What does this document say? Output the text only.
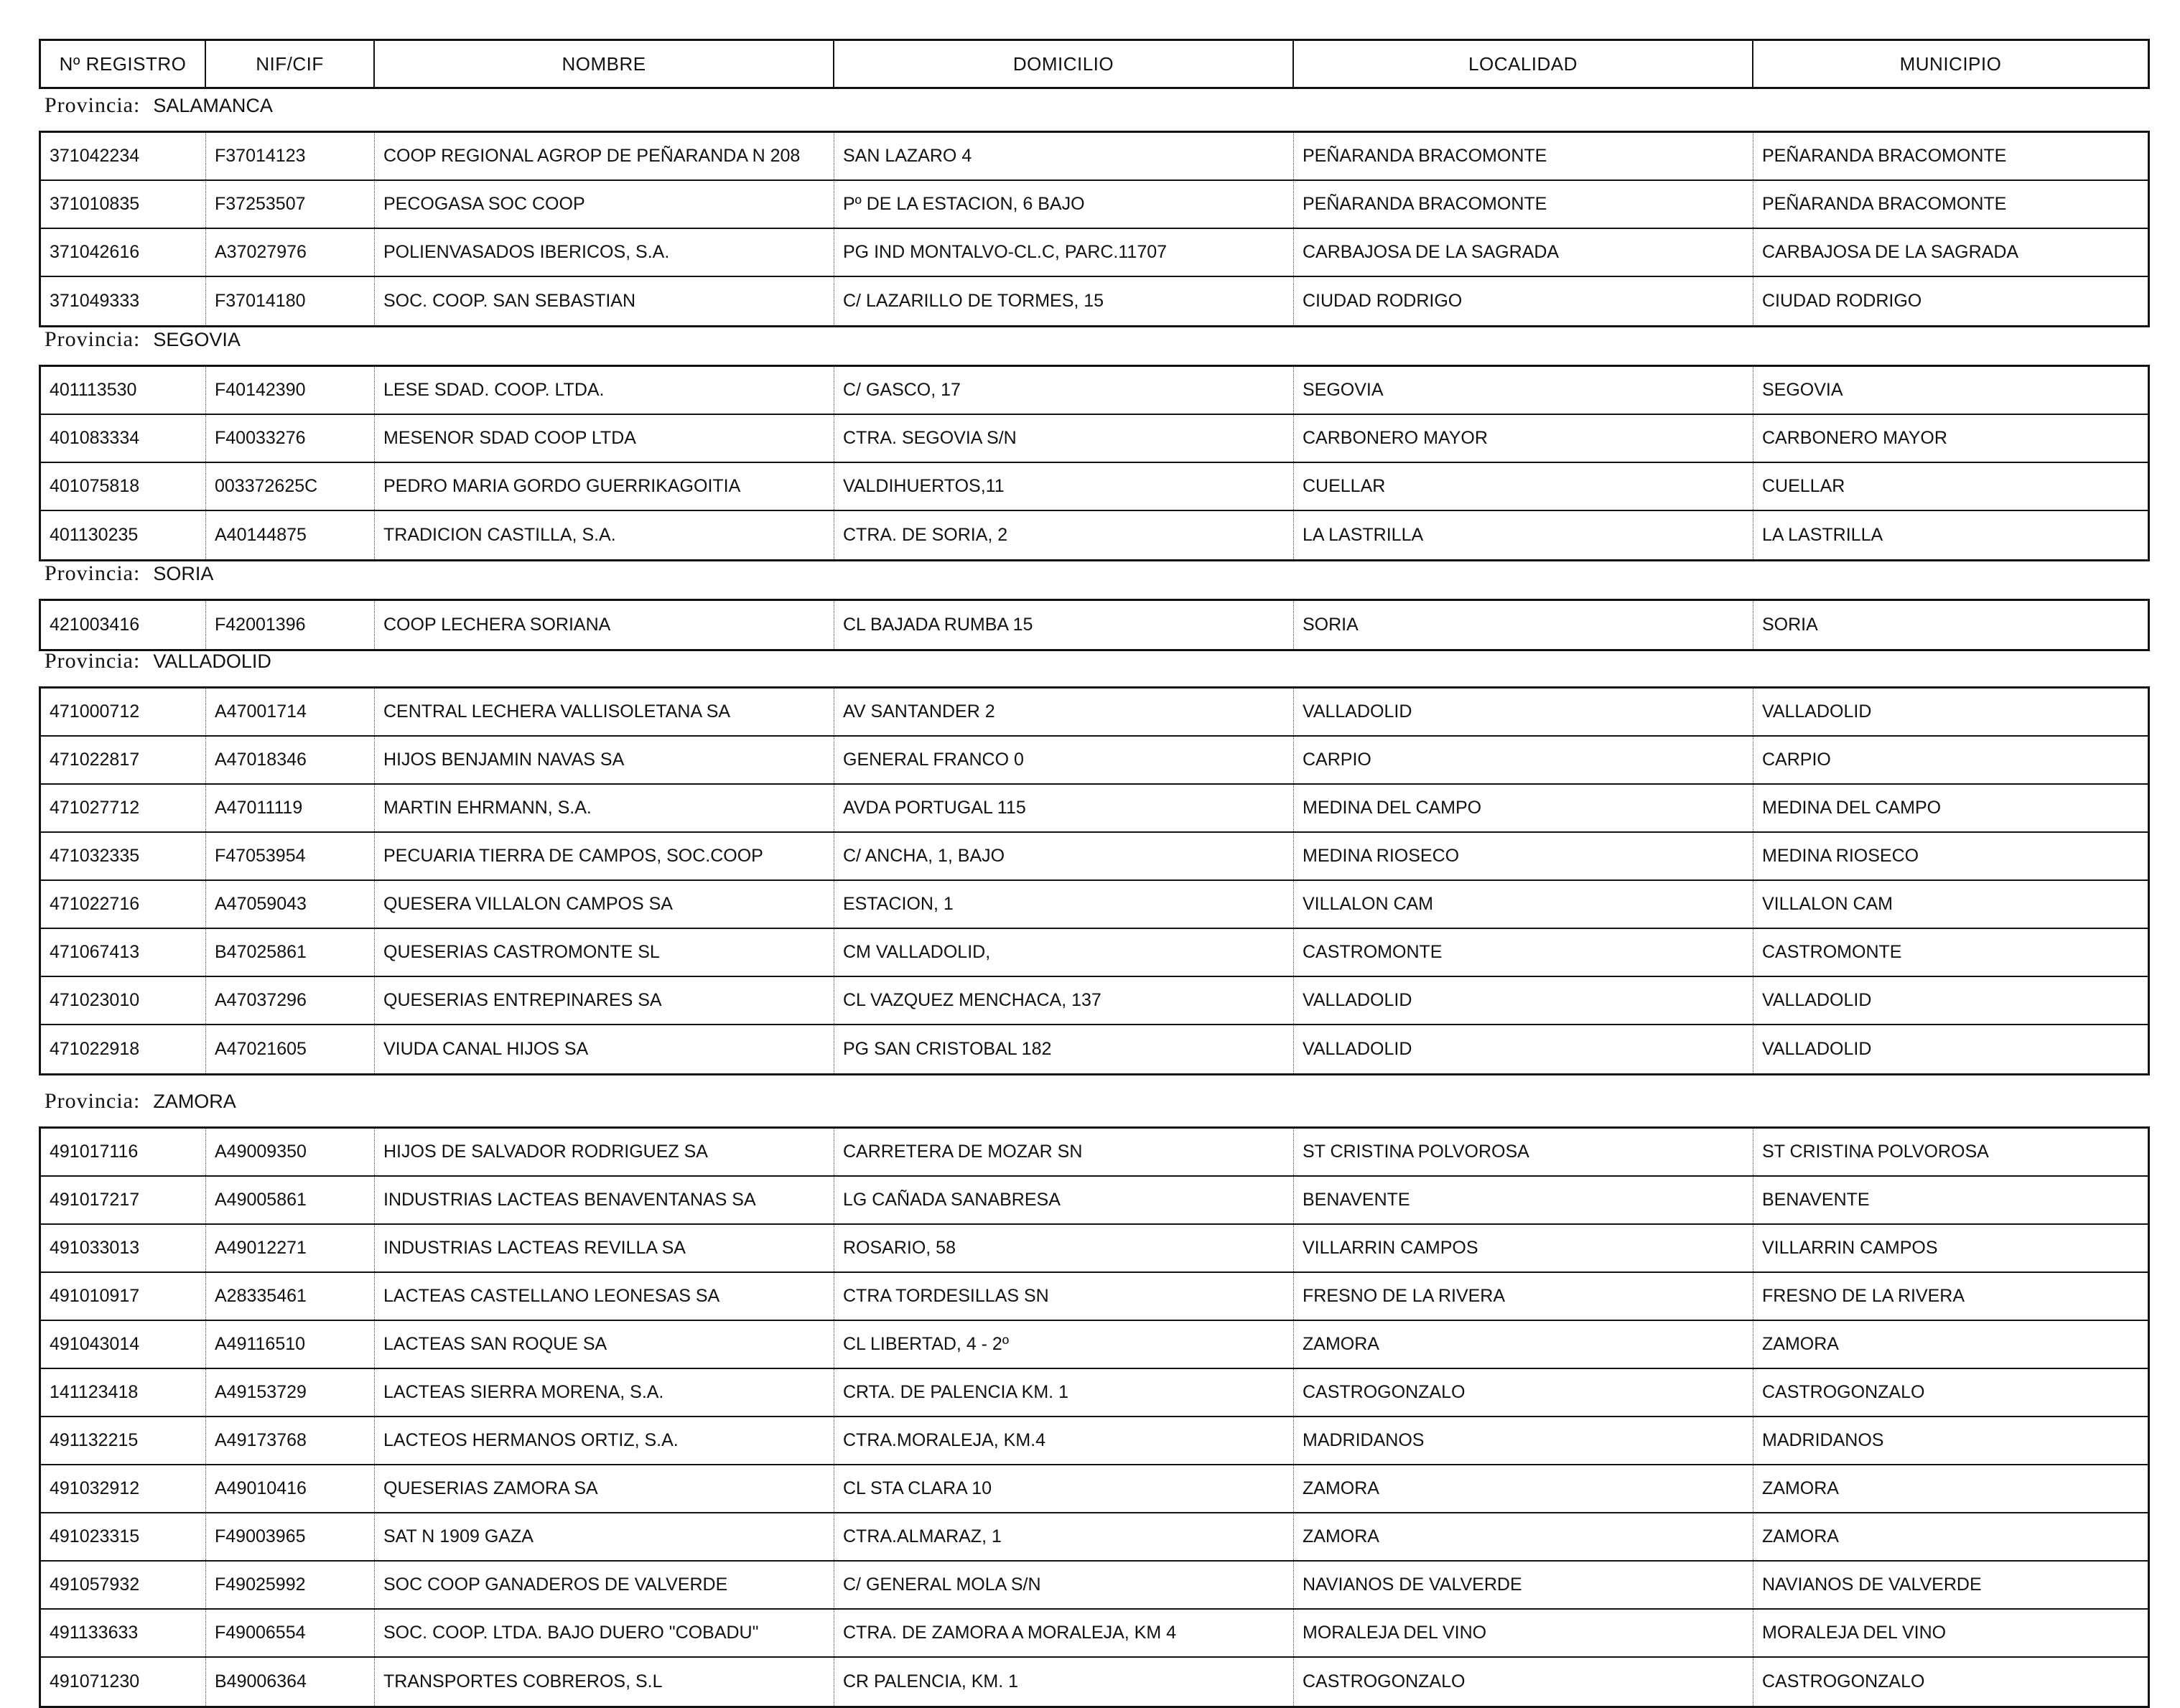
Nº REGISTRO	NIF/CIF	NOMBRE	DOMICILIO	LOCALIDAD	MUNICIPIO
Provincia: SALAMANCA
371042234	F37014123	COOP REGIONAL AGROP DE PEÑARANDA N 208	SAN LAZARO 4	PEÑARANDA BRACOMONTE	PEÑARANDA BRACOMONTE
371010835	F37253507	PECOGASA SOC COOP	Pº DE LA ESTACION, 6 BAJO	PEÑARANDA BRACOMONTE	PEÑARANDA BRACOMONTE
371042616	A37027976	POLIENVASADOS IBERICOS, S.A.	PG IND MONTALVO-CL.C, PARC.11707	CARBAJOSA DE LA SAGRADA	CARBAJOSA DE LA SAGRADA
371049333	F37014180	SOC. COOP. SAN SEBASTIAN	C/ LAZARILLO DE TORMES, 15	CIUDAD RODRIGO	CIUDAD RODRIGO
Provincia: SEGOVIA
401113530	F40142390	LESE SDAD. COOP. LTDA.	C/ GASCO, 17	SEGOVIA	SEGOVIA
401083334	F40033276	MESENOR SDAD COOP LTDA	CTRA. SEGOVIA S/N	CARBONERO MAYOR	CARBONERO MAYOR
401075818	003372625C	PEDRO MARIA GORDO GUERRIKAGOITIA	VALDIHUERTOS,11	CUELLAR	CUELLAR
401130235	A40144875	TRADICION CASTILLA, S.A.	CTRA. DE SORIA, 2	LA LASTRILLA	LA LASTRILLA
Provincia: SORIA
421003416	F42001396	COOP LECHERA SORIANA	CL BAJADA RUMBA 15	SORIA	SORIA
Provincia: VALLADOLID
471000712	A47001714	CENTRAL LECHERA VALLISOLETANA SA	AV SANTANDER 2	VALLADOLID	VALLADOLID
471022817	A47018346	HIJOS BENJAMIN NAVAS SA	GENERAL FRANCO 0	CARPIO	CARPIO
471027712	A47011119	MARTIN EHRMANN, S.A.	AVDA PORTUGAL 115	MEDINA DEL CAMPO	MEDINA DEL CAMPO
471032335	F47053954	PECUARIA TIERRA DE CAMPOS, SOC.COOP	C/ ANCHA, 1, BAJO	MEDINA RIOSECO	MEDINA RIOSECO
471022716	A47059043	QUESERA VILLALON CAMPOS SA	ESTACION, 1	VILLALON CAM	VILLALON CAM
471067413	B47025861	QUESERIAS CASTROMONTE SL	CM VALLADOLID,	CASTROMONTE	CASTROMONTE
471023010	A47037296	QUESERIAS ENTREPINARES SA	CL VAZQUEZ MENCHACA, 137	VALLADOLID	VALLADOLID
471022918	A47021605	VIUDA CANAL HIJOS SA	PG SAN CRISTOBAL 182	VALLADOLID	VALLADOLID
Provincia: ZAMORA
491017116	A49009350	HIJOS DE SALVADOR RODRIGUEZ SA	CARRETERA DE MOZAR SN	ST CRISTINA POLVOROSA	ST CRISTINA POLVOROSA
491017217	A49005861	INDUSTRIAS LACTEAS BENAVENTANAS SA	LG CAÑADA SANABRESA	BENAVENTE	BENAVENTE
491033013	A49012271	INDUSTRIAS LACTEAS REVILLA SA	ROSARIO, 58	VILLARRIN CAMPOS	VILLARRIN CAMPOS
491010917	A28335461	LACTEAS CASTELLANO LEONESAS SA	CTRA TORDESILLAS SN	FRESNO DE LA RIVERA	FRESNO DE LA RIVERA
491043014	A49116510	LACTEAS SAN ROQUE SA	CL LIBERTAD, 4 - 2º	ZAMORA	ZAMORA
141123418	A49153729	LACTEAS SIERRA MORENA, S.A.	CRTA. DE PALENCIA KM. 1	CASTROGONZALO	CASTROGONZALO
491132215	A49173768	LACTEOS HERMANOS ORTIZ, S.A.	CTRA.MORALEJA, KM.4	MADRIDANOS	MADRIDANOS
491032912	A49010416	QUESERIAS ZAMORA SA	CL STA CLARA 10	ZAMORA	ZAMORA
491023315	F49003965	SAT N 1909 GAZA	CTRA.ALMARAZ, 1	ZAMORA	ZAMORA
491057932	F49025992	SOC COOP GANADEROS DE VALVERDE	C/ GENERAL MOLA S/N	NAVIANOS DE VALVERDE	NAVIANOS DE VALVERDE
491133633	F49006554	SOC. COOP. LTDA. BAJO DUERO "COBADU"	CTRA. DE ZAMORA A MORALEJA, KM 4	MORALEJA DEL VINO	MORALEJA DEL VINO
491071230	B49006364	TRANSPORTES COBREROS, S.L	CR PALENCIA, KM. 1	CASTROGONZALO	CASTROGONZALO
